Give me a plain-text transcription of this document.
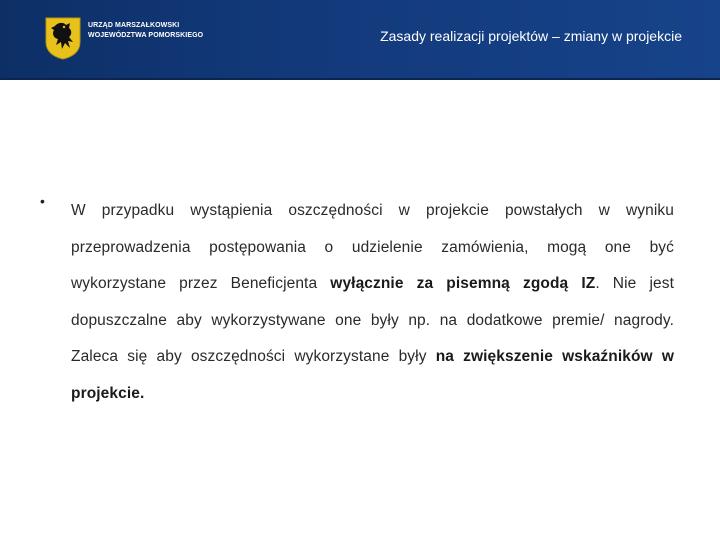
URZĄD MARSZAŁKOWSKI
WOJEWÓDZTWA POMORSKIEGO	Zasady realizacji projektów – zmiany w projekcie
•
W przypadku wystąpienia oszczędności w projekcie powstałych w wyniku przeprowadzenia postępowania o udzielenie zamówienia, mogą one być wykorzystane przez Beneficjenta wyłącznie za pisemną zgodą IZ. Nie jest dopuszczalne aby wykorzystywane one były np. na dodatkowe premie/ nagrody. Zaleca się aby oszczędności wykorzystane były na zwiększenie wskaźników w projekcie.
